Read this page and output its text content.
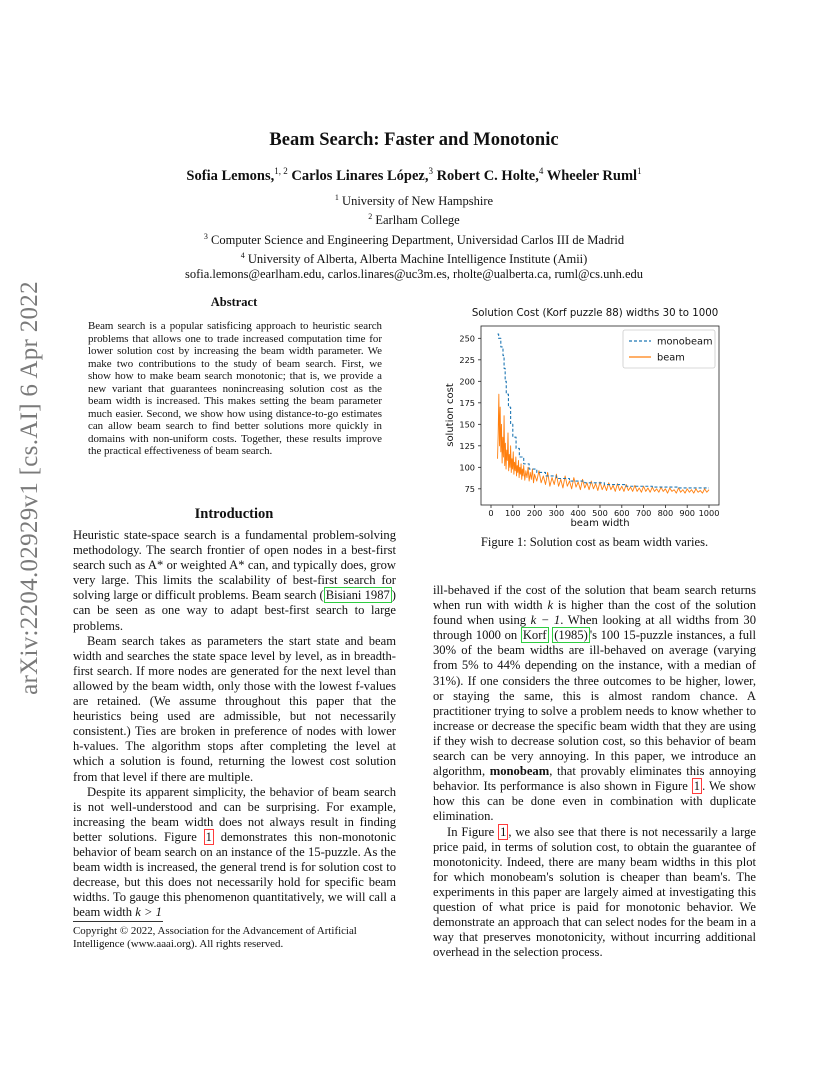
arXiv:2204.02929v1 [cs.AI] 6 Apr 2022
Beam Search: Faster and Monotonic
Sofia Lemons,$^{1, 2}$ Carlos Linares López,$^3$ Robert C. Holte,$^4$ Wheeler Ruml$^1$
$^1$ University of New Hampshire
$^2$ Earlham College
$^3$ Computer Science and Engineering Department, Universidad Carlos III de Madrid
$^4$ University of Alberta, Alberta Machine Intelligence Institute (Amii)
sofia.lemons@earlham.edu, carlos.linares@uc3m.es, rholte@ualberta.ca, ruml@cs.unh.edu
Abstract
Beam search is a popular satisficing approach to heuristic search problems that allows one to trade increased computation time for lower solution cost by increasing the beam width parameter. We make two contributions to the study of beam search. First, we show how to make beam search monotonic; that is, we provide a new variant that guarantees nonincreasing solution cost as the beam width is increased. This makes setting the beam parameter much easier. Second, we show how using distance-to-go estimates can allow beam search to find better solutions more quickly in domains with non-uniform costs. Together, these results improve the practical effectiveness of beam search.
Introduction

Heuristic state-space search is a fundamental problem-solving methodology. The search frontier of open nodes in a best-first search such as A* or weighted A* can, and typically does, grow very large. This limits the scalability of best-first search for solving large or difficult problems. Beam search ( Bisiani 1987 ) can be seen as one way to adapt best-first search to large problems.

Beam search takes as parameters the start state and beam width and searches the state space level by level, as in breadth-first search. If more nodes are generated for the next level than allowed by the beam width, only those with the lowest f-values are retained. (We assume throughout this paper that the heuristics being used are admissible, but not necessarily consistent.) Ties are broken in preference of nodes with lower h-values. The algorithm stops after completing the level at which a solution is found, returning the lowest cost solution from that level if there are multiple.

Despite its apparent simplicity, the behavior of beam search is not well-understood and can be surprising. For example, increasing the beam width does not always result in finding better solutions. Figure 1 demonstrates this non-monotonic behavior of beam search on an instance of the 15-puzzle. As the beam width is increased, the general trend is for solution cost to decrease, but this does not necessarily hold for specific beam widths. To gauge this phenomenon quantitatively, we will call a beam width k > 1

Copyright © 2022, Association for the Advancement of Artificial Intelligence (www.aaai.org). All rights reserved.
Solution Cost (Korf puzzle 88) widths 30 to 1000
75
100
125
150
175
200
225
250
0 100 200 300 400 500 600 700 800 900 1000
beam width
solution cost
monobeam
beam
Figure 1: Solution cost as beam width varies.

ill-behaved if the cost of the solution that beam search returns when run with width k is higher than the cost of the solution found when using k − 1. When looking at all widths from 30 through 1000 on Korf (1985) 's 100 15-puzzle instances, a full 30% of the beam widths are ill-behaved on average (varying from 5% to 44% depending on the instance, with a median of 31%). If one considers the three outcomes to be higher, lower, or staying the same, this is almost random chance. A practitioner trying to solve a problem needs to know whether to increase or decrease the specific beam width that they are using if they wish to decrease solution cost, so this behavior of beam search can be very annoying. In this paper, we introduce an algorithm, monobeam, that provably eliminates this annoying behavior. Its performance is also shown in Figure 1 . We show how this can be done even in combination with duplicate elimination.

In Figure 1 , we also see that there is not necessarily a large price paid, in terms of solution cost, to obtain the guarantee of monotonicity. Indeed, there are many beam widths in this plot for which monobeam's solution is cheaper than beam's. The experiments in this paper are largely aimed at investigating this question of what price is paid for monotonic behavior. We demonstrate an approach that can select nodes for the beam in a way that preserves monotonicity, without incurring additional overhead in the selection process.
